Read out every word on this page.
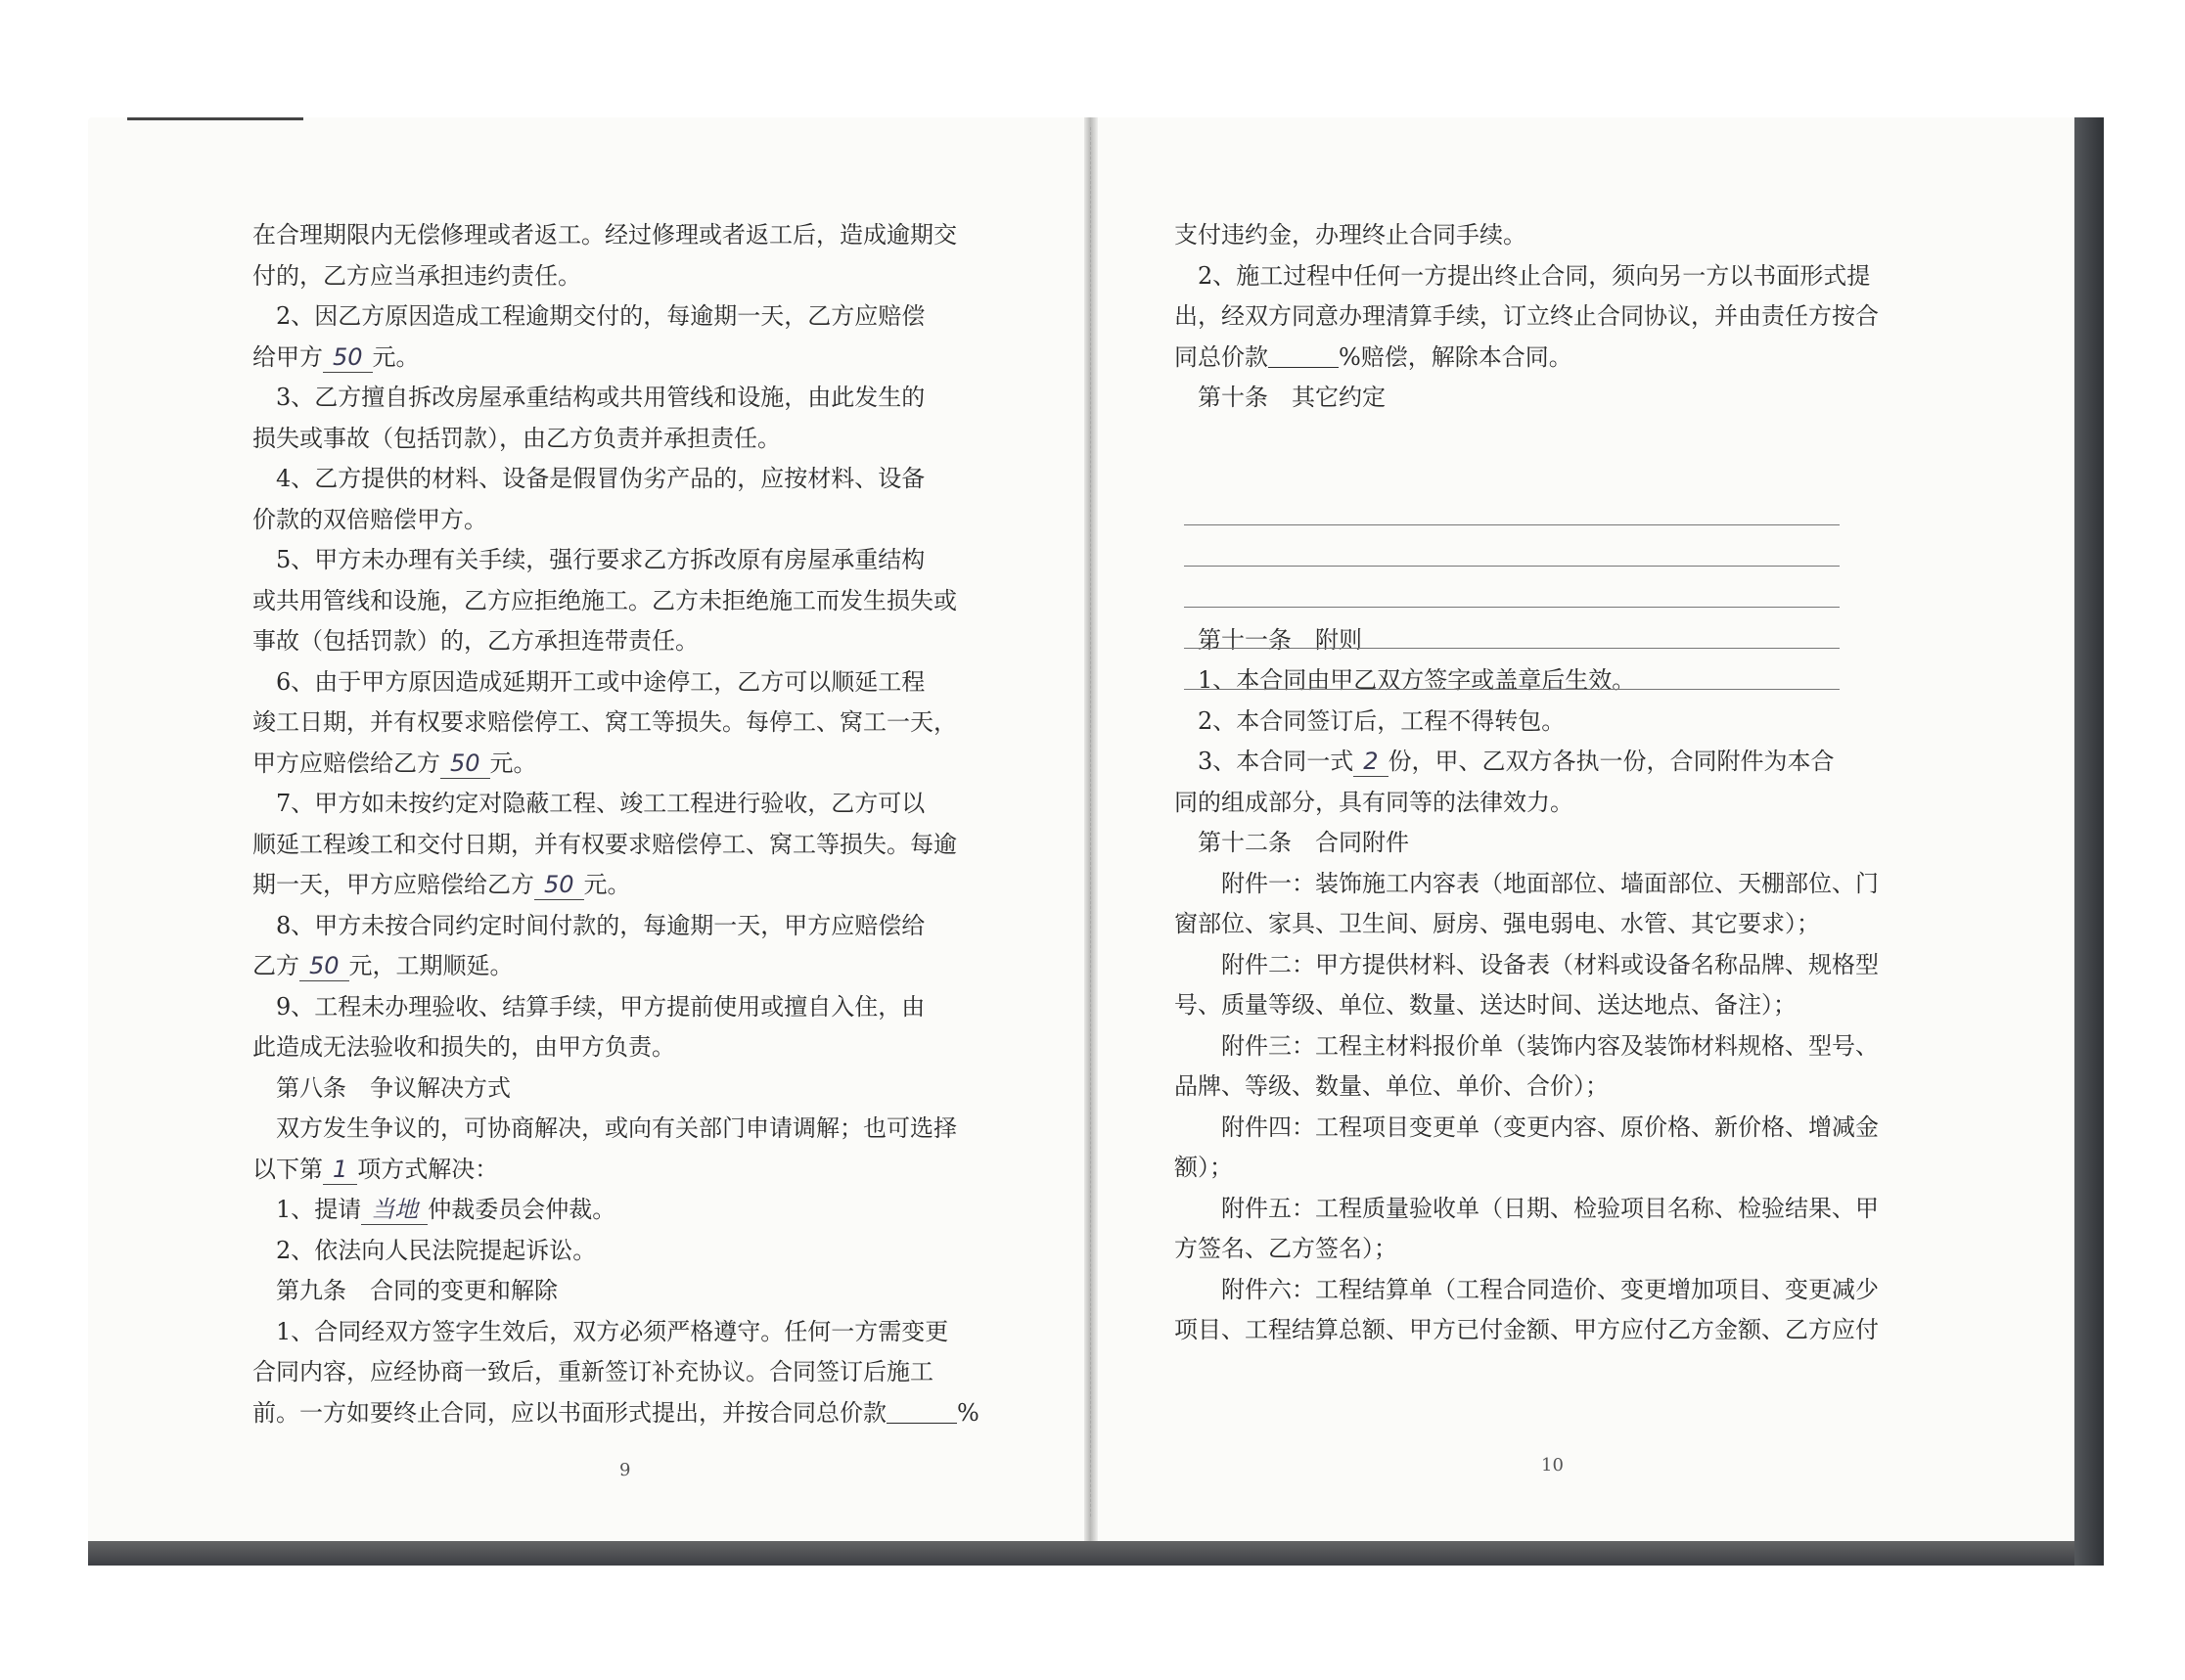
在合理期限内无偿修理或者返工。经过修理或者返工后，造成逾期交
付的，乙方应当承担违约责任。
　2、因乙方原因造成工程逾期交付的，每逾期一天，乙方应赔偿
给甲方 50 元。
　3、乙方擅自拆改房屋承重结构或共用管线和设施，由此发生的
损失或事故（包括罚款），由乙方负责并承担责任。
　4、乙方提供的材料、设备是假冒伪劣产品的，应按材料、设备
价款的双倍赔偿甲方。
　5、甲方未办理有关手续，强行要求乙方拆改原有房屋承重结构
或共用管线和设施，乙方应拒绝施工。乙方未拒绝施工而发生损失或
事故（包括罚款）的，乙方承担连带责任。
　6、由于甲方原因造成延期开工或中途停工，乙方可以顺延工程
竣工日期，并有权要求赔偿停工、窝工等损失。每停工、窝工一天，
甲方应赔偿给乙方 50 元。
　7、甲方如未按约定对隐蔽工程、竣工工程进行验收，乙方可以
顺延工程竣工和交付日期，并有权要求赔偿停工、窝工等损失。每逾
期一天，甲方应赔偿给乙方 50 元。
　8、甲方未按合同约定时间付款的，每逾期一天，甲方应赔偿给
乙方 50 元，工期顺延。
　9、工程未办理验收、结算手续，甲方提前使用或擅自入住，由
此造成无法验收和损失的，由甲方负责。
　第八条　争议解决方式
　双方发生争议的，可协商解决，或向有关部门申请调解；也可选择
以下第 1 项方式解决：
　1、提请 当地 仲裁委员会仲裁。
　2、依法向人民法院提起诉讼。
　第九条　合同的变更和解除
　1、合同经双方签字生效后，双方必须严格遵守。任何一方需变更
合同内容，应经协商一致后，重新签订补充协议。合同签订后施工
前。一方如要终止合同，应以书面形式提出，并按合同总价款＿＿＿%
支付违约金，办理终止合同手续。
　2、施工过程中任何一方提出终止合同，须向另一方以书面形式提
出，经双方同意办理清算手续，订立终止合同协议，并由责任方按合
同总价款＿＿＿%赔偿，解除本合同。
　第十条　其它约定
　第十一条　附则
　1、本合同由甲乙双方签字或盖章后生效。
　2、本合同签订后，工程不得转包。
　3、本合同一式 2 份，甲、乙双方各执一份，合同附件为本合
同的组成部分，具有同等的法律效力。
　第十二条　合同附件
　　附件一：装饰施工内容表（地面部位、墙面部位、天棚部位、门
窗部位、家具、卫生间、厨房、强电弱电、水管、其它要求）；
　　附件二：甲方提供材料、设备表（材料或设备名称品牌、规格型
号、质量等级、单位、数量、送达时间、送达地点、备注）；
　　附件三：工程主材料报价单（装饰内容及装饰材料规格、型号、
品牌、等级、数量、单位、单价、合价）；
　　附件四：工程项目变更单（变更内容、原价格、新价格、增减金
额）；
　　附件五：工程质量验收单（日期、检验项目名称、检验结果、甲
方签名、乙方签名）；
　　附件六：工程结算单（工程合同造价、变更增加项目、变更减少
项目、工程结算总额、甲方已付金额、甲方应付乙方金额、乙方应付
9	10
